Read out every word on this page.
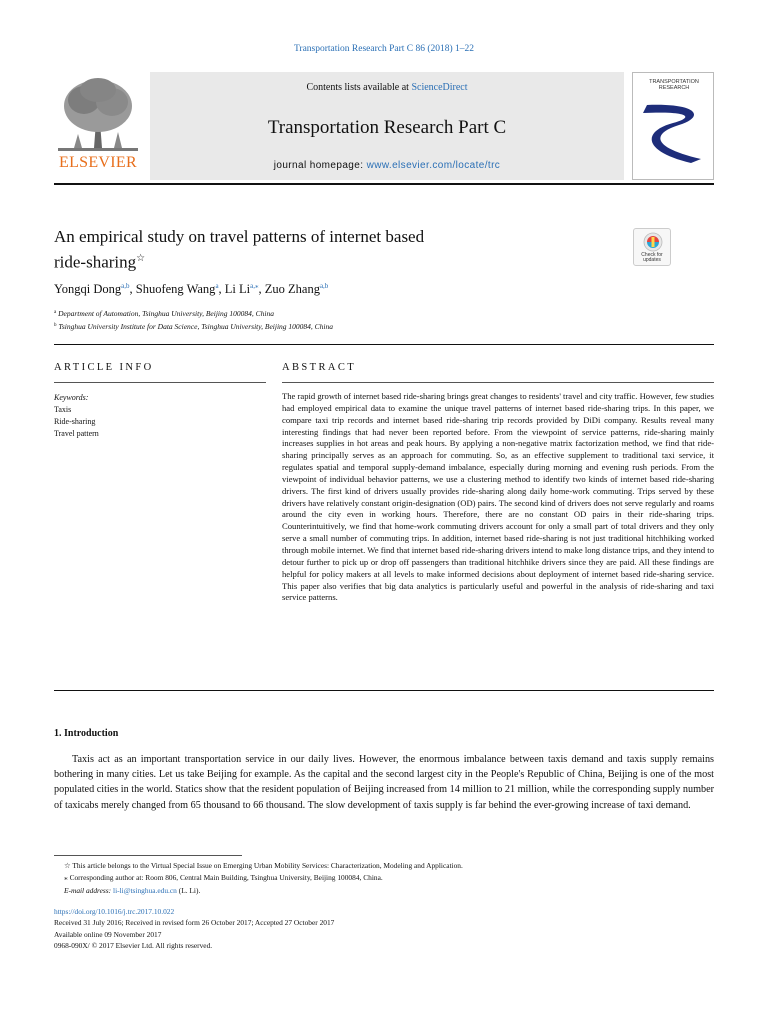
Transportation Research Part C 86 (2018) 1–22
ELSEVIER
Contents lists available at ScienceDirect
Transportation Research Part C
journal homepage: www.elsevier.com/locate/trc
TRANSPORTATION RESEARCH
An empirical study on travel patterns of internet based
ride-sharing☆	Check for updates
Yongqi Dong$^{a,b}$, Shuofeng Wang$^a$, Li $Li^{a,⁎}$, Zuo Zhang$^{a,b}$
$^a$ Department of Automation, Tsinghua University, Beijing 100084, China
$^b$ Tsinghua University Institute for Data Science, Tsinghua University, Beijing 100084, China
ARTICLE INFO	ABSTRACT
Keywords:
Taxis
Ride-sharing
Travel pattern
The rapid growth of internet based ride-sharing brings great changes to residents' travel and city traffic. However, few studies had employed empirical data to examine the unique travel patterns of internet based ride-sharing trips. In this paper, we compare taxi trip records and internet based ride-sharing trip records provided by DiDi company. Results reveal many interesting findings that had never been reported before. From the viewpoint of service patterns, ride-sharing mainly increases supplies in hot areas and peak hours. By applying a non-negative matrix factorization method, we find that ride-sharing principally serves as an approach for commuting. So, as an effective supplement to traditional taxi service, it regulates spatial and temporal supply-demand imbalance, especially during morning and evening rush periods. From the viewpoint of individual behavior patterns, we use a clustering method to identify two kinds of internet based ride-sharing drivers. The first kind of drivers usually provides ride-sharing along daily home-work commuting. Trips served by these drivers have relatively constant origin-designation (OD) pairs. The second kind of drivers does not serve regularly and roams around the city even in working hours. Therefore, there are no constant OD pairs in their ride-sharing trips. Counterintuitively, we find that home-work commuting drivers account for only a small part of total drivers and they only serve a small number of commuting trips. In addition, internet based ride-sharing is not just traditional hitchhiking worked through mobile internet. We find that internet based ride-sharing drivers intend to make long distance trips, and they intend to detour further to pick up or drop off passengers than traditional hitchhike drivers since they are paid. All these findings are helpful for policy makers at all levels to make informed decisions about deployment of internet based ride-sharing service. This paper also verifies that big data analytics is particularly useful and powerful in the analysis of ride-sharing and taxi service patterns.
1. Introduction
Taxis act as an important transportation service in our daily lives. However, the enormous imbalance between taxis demand and taxis supply remains bothering in many cities. Let us take Beijing for example. As the capital and the second largest city in the People's Republic of China, Beijing is one of the most populated cities in the world. Statics show that the resident population of Beijing increased from 14 million to 21 million, while the corresponding supply number of taxicabs merely changed from 65 thousand to 66 thousand. The slow development of taxis supply is far behind the ever-growing increase of taxi demand.
☆ This article belongs to the Virtual Special Issue on Emerging Urban Mobility Services: Characterization, Modeling and Application.
⁎ Corresponding author at: Room 806, Central Main Building, Tsinghua University, Beijing 100084, China.
E-mail address: li-li@tsinghua.edu.cn (L. Li).
https://doi.org/10.1016/j.trc.2017.10.022
Received 31 July 2016; Received in revised form 26 October 2017; Accepted 27 October 2017
Available online 09 November 2017
0968-090X/ © 2017 Elsevier Ltd. All rights reserved.
